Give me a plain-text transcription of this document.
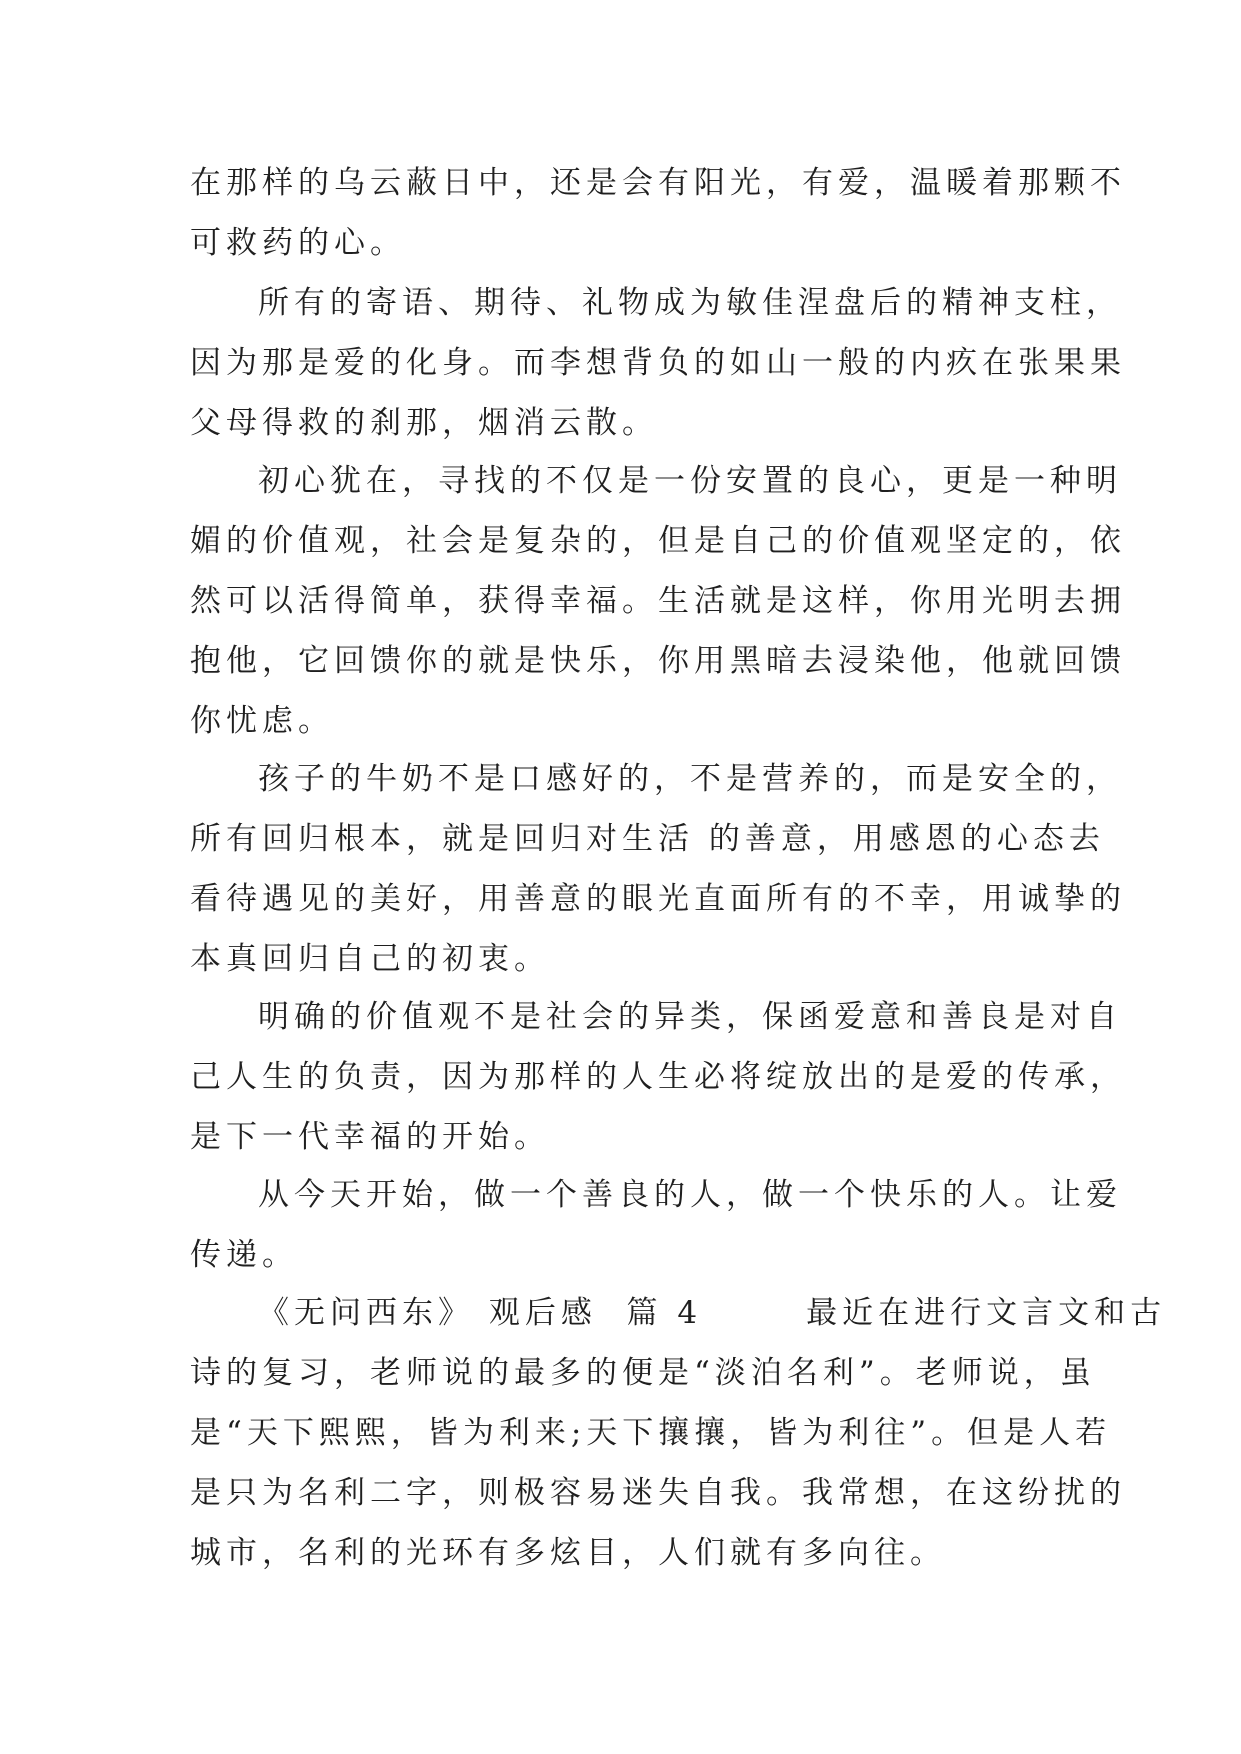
在那样的乌云蔽日中，还是会有阳光，有爱，温暖着那颗不
可救药的心。
所有的寄语、期待、礼物成为敏佳涅盘后的精神支柱，
因为那是爱的化身。而李想背负的如山一般的内疚在张果果
父母得救的刹那，烟消云散。
初心犹在，寻找的不仅是一份安置的良心，更是一种明
媚的价值观，社会是复杂的，但是自己的价值观坚定的，依
然可以活得简单，获得幸福。生活就是这样，你用光明去拥
抱他，它回馈你的就是快乐，你用黑暗去浸染他，他就回馈
你忧虑。
孩子的牛奶不是口感好的，不是营养的，而是安全的，
所有回归根本，就是回归对生活 的善意，用感恩的心态去
看待遇见的美好，用善意的眼光直面所有的不幸，用诚挚的
本真回归自己的初衷。
明确的价值观不是社会的异类，保函爱意和善良是对自
己人生的负责，因为那样的人生必将绽放出的是爱的传承，
是下一代幸福的开始。
从今天开始，做一个善良的人，做一个快乐的人。让爱
传递。
《无问西东》 观后感  篇 4       最近在进行文言文和古
诗的复习，老师说的最多的便是“淡泊名利”。老师说，虽
是“天下熙熙，皆为利来;天下攘攘，皆为利往”。但是人若
是只为名利二字，则极容易迷失自我。我常想，在这纷扰的
城市，名利的光环有多炫目，人们就有多向往。
